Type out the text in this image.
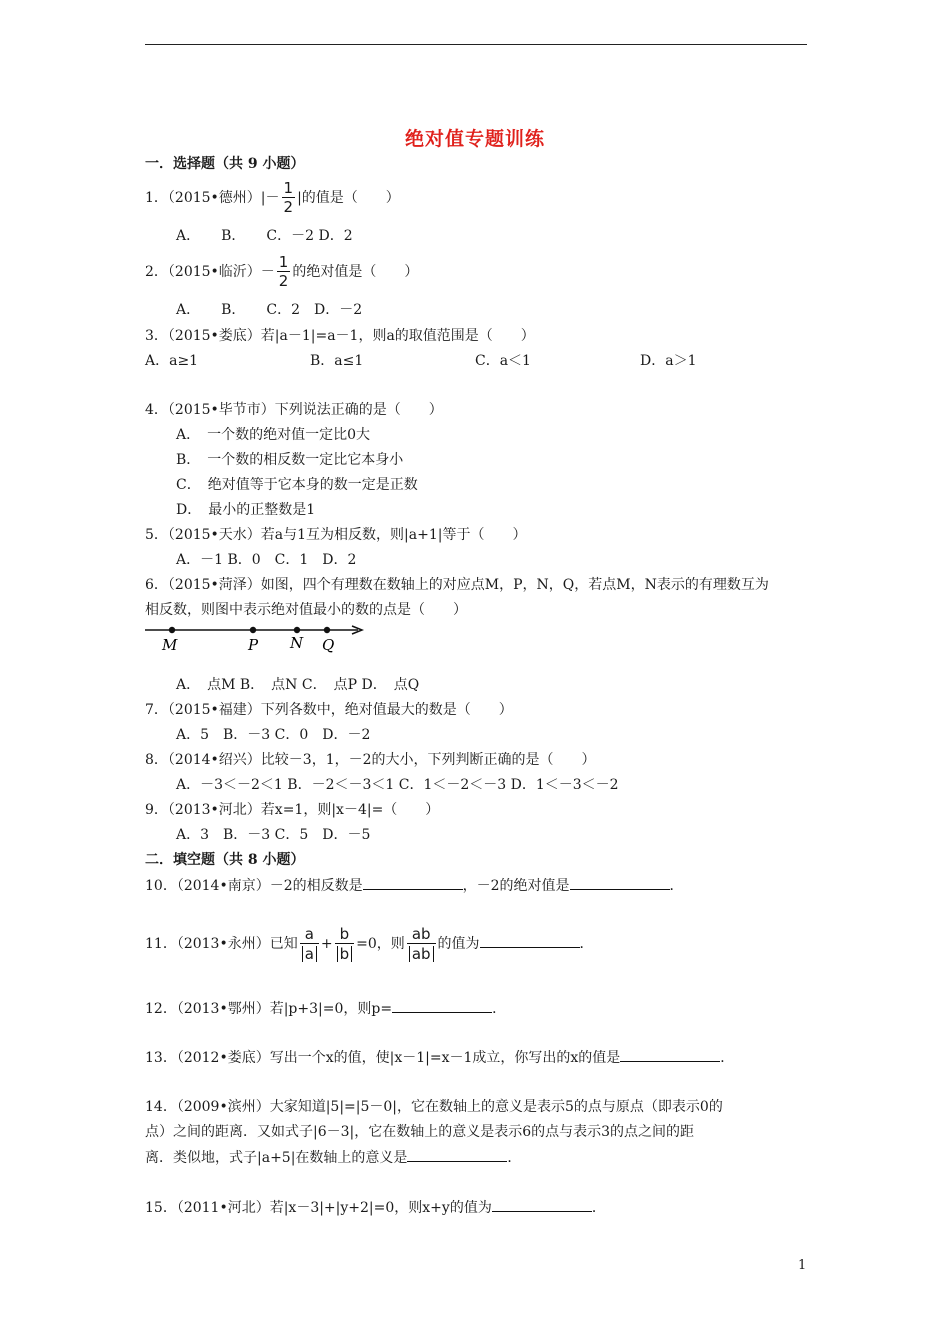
绝对值专题训练
一．选择题（共 9 小题）
1．（2015•德州）|－ $\frac{1}{2}$ |的值是（　　）
A．　　B．　　C．－2 D．2
2．（2015•临沂）－ $\frac{1}{2}$ 的绝对值是（　　）
A．　　B．　　C．2　D．－2
3．（2015•娄底）若|a－1|=a－1，则a的取值范围是（　　）
A．a≥1	B．a≤1	C．a＜1	D．a＞1
4．（2015•毕节市）下列说法正确的是（　　）
A．　一个数的绝对值一定比0大
B．　一个数的相反数一定比它本身小
C．　绝对值等于它本身的数一定是正数
D．　最小的正整数是1
5．（2015•天水）若a与1互为相反数，则|a+1|等于（　　）
A．－1 B．0　C．1　D．2
6．（2015•菏泽）如图，四个有理数在数轴上的对应点M，P，N，Q，若点M，N表示的有理数互为
相反数，则图中表示绝对值最小的数的点是（　　）
M	P N Q
A．　点M B．　点N C．　点P D．　点Q
7．（2015•福建）下列各数中，绝对值最大的数是（　　）
A．5　B．－3 C．0　D．－2
8．（2014•绍兴）比较－3，1，－2的大小，下列判断正确的是（　　）
A．－3＜－2＜1 B．－2＜－3＜1 C．1＜－2＜－3 D．1＜－3＜－2
9．（2013•河北）若x=1，则|x－4|=（　　）
A．3　B．－3 C．5　D．－5
二．填空题（共 8 小题）
10．（2014•南京）－2的相反数是	，－2的绝对值是	．
11．（2013•永州）已知 $\frac{a}{a} + \frac{b}{b} =0$，则 $\frac{ab}{ab}$ 的值为	．
12．（2013•鄂州）若|p+3|=0，则p=	．
13．（2012•娄底）写出一个x的值，使|x－1|=x－1成立，你写出的x的值是	．
14．（2009•滨州）大家知道|5|=|5－0|，它在数轴上的意义是表示5的点与原点（即表示0的
点）之间的距离．又如式子|6－3|，它在数轴上的意义是表示6的点与表示3的点之间的距
离．类似地，式子|a+5|在数轴上的意义是	．
15．（2011•河北）若|x－3|+|y+2|=0，则x+y的值为	．
1
